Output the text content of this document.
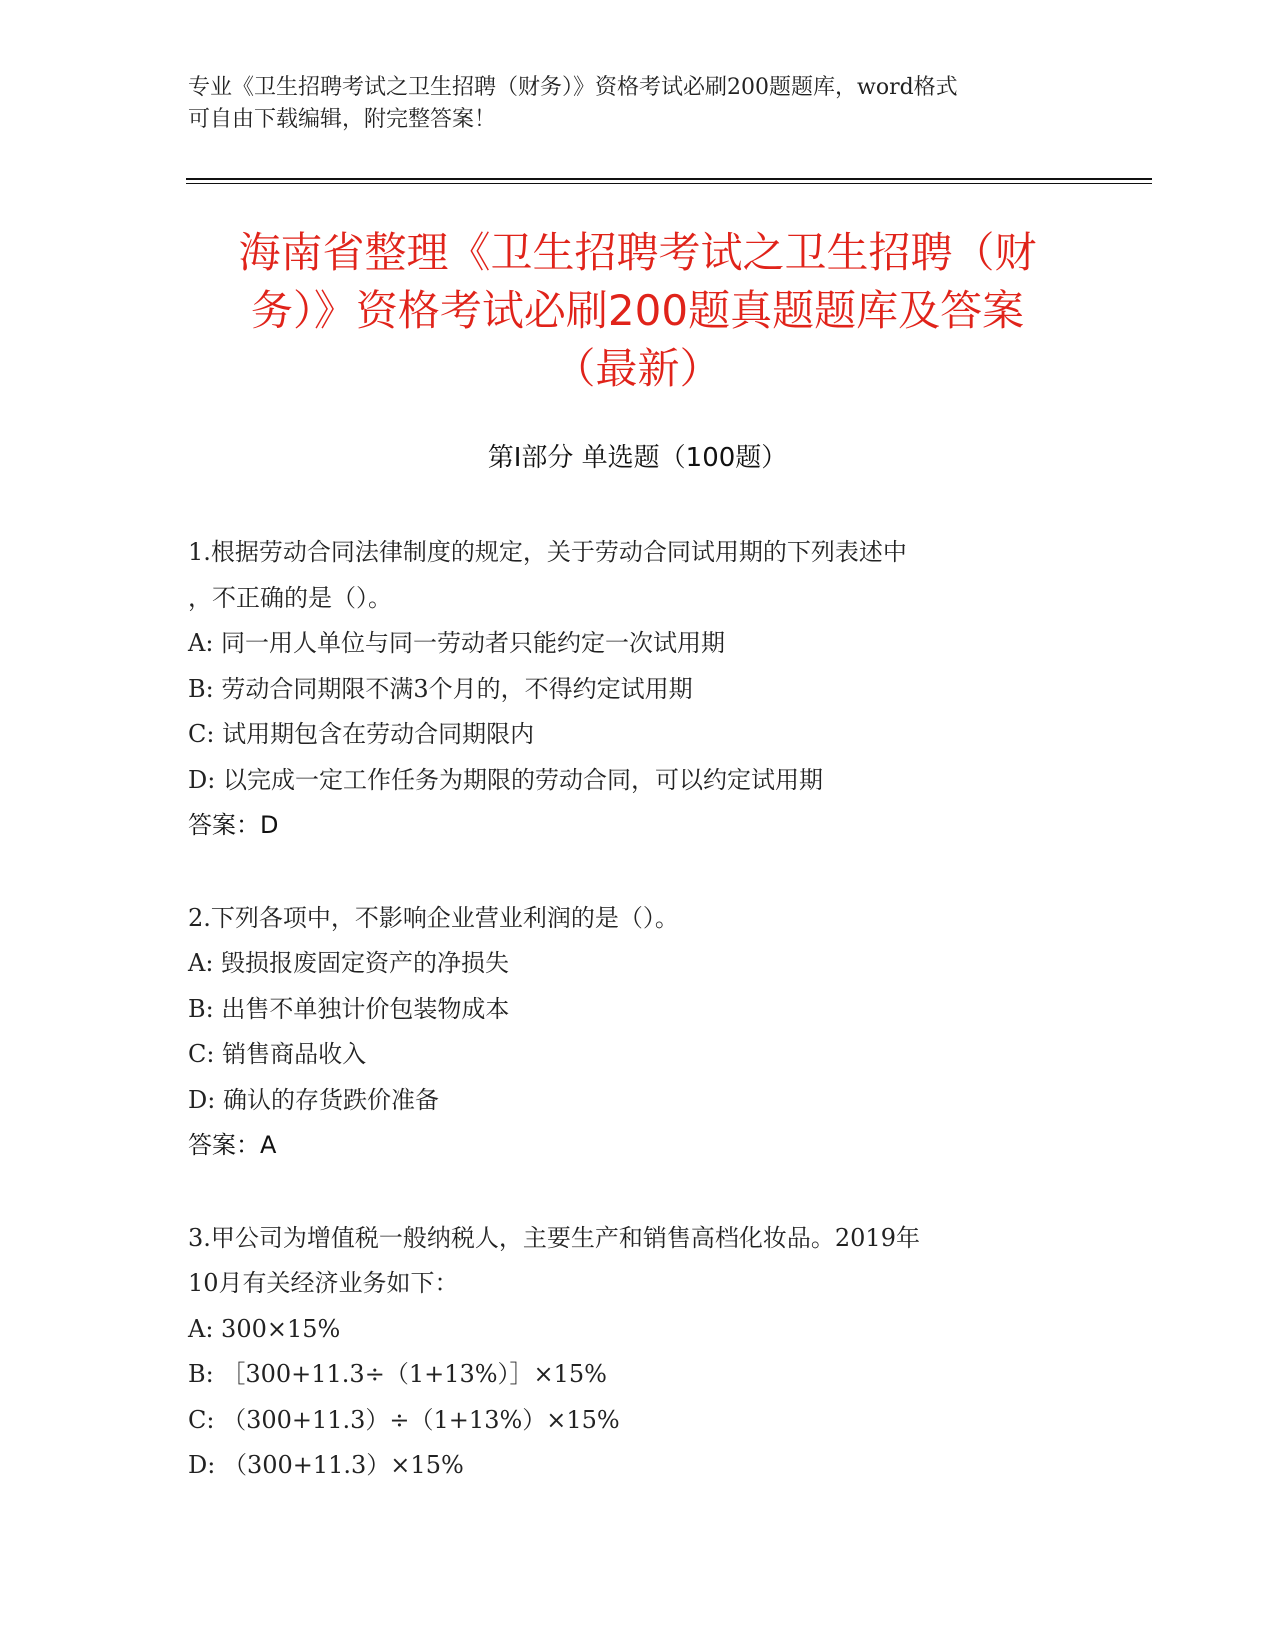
专业《卫生招聘考试之卫生招聘（财务）》资格考试必刷200题题库，word格式
可自由下载编辑，附完整答案！
海南省整理《卫生招聘考试之卫生招聘（财
务）》资格考试必刷200题真题题库及答案
（最新）
第Ⅰ部分 单选题（100题）
1.根据劳动合同法律制度的规定，关于劳动合同试用期的下列表述中
，不正确的是（）。
A: 同一用人单位与同一劳动者只能约定一次试用期
B: 劳动合同期限不满3个月的，不得约定试用期
C: 试用期包含在劳动合同期限内
D: 以完成一定工作任务为期限的劳动合同，可以约定试用期
答案：D
2.下列各项中，不影响企业营业利润的是（）。
A: 毁损报废固定资产的净损失
B: 出售不单独计价包装物成本
C: 销售商品收入
D: 确认的存货跌价准备
答案：A
3.甲公司为增值税一般纳税人，主要生产和销售高档化妆品。2019年
10月有关经济业务如下：
A: 300×15%
B: ［300+11.3÷（1+13%）］×15%
C: （300+11.3）÷（1+13%）×15%
D: （300+11.3）×15%
